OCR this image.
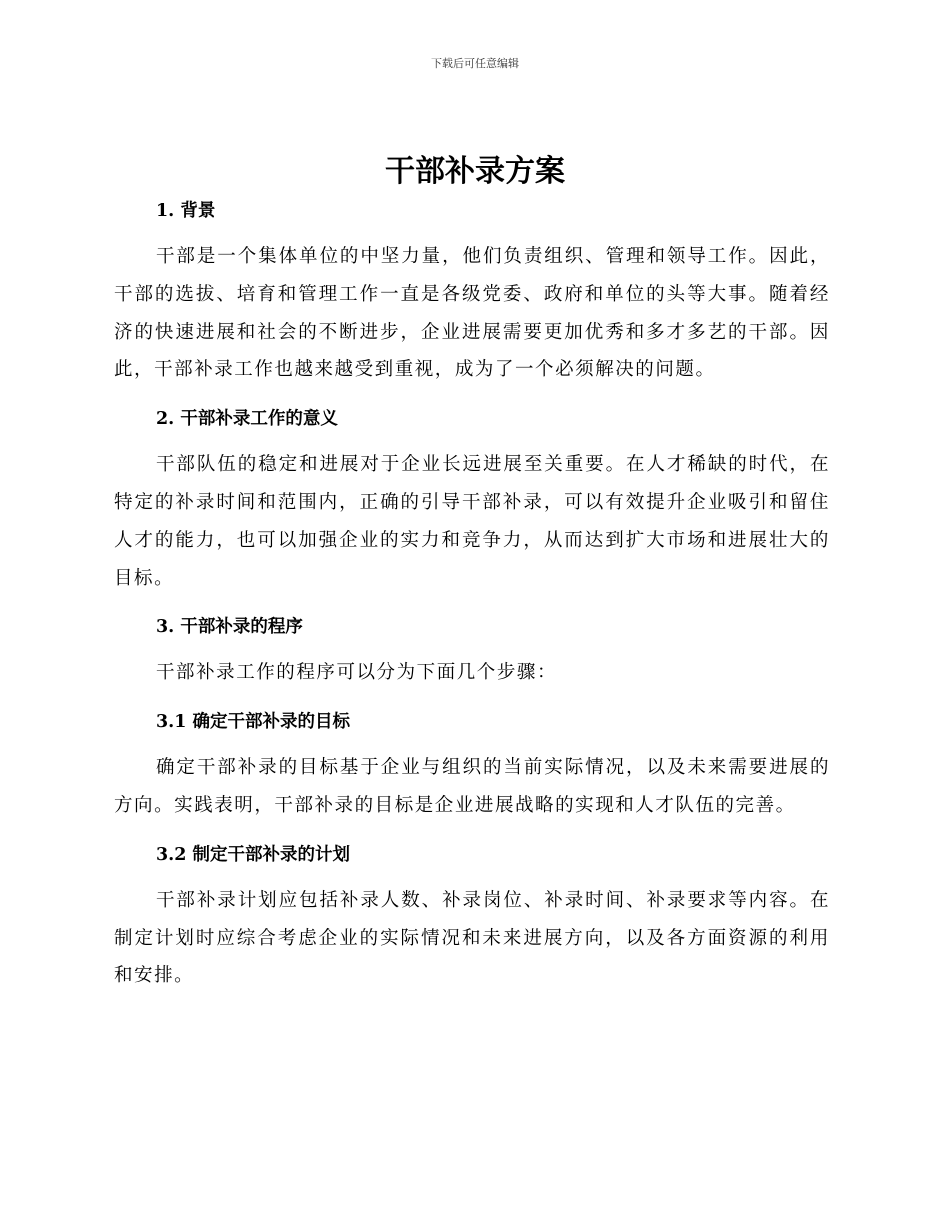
下载后可任意编辑
干部补录方案
1. 背景

干部是一个集体单位的中坚力量，他们负责组织、管理和领导工作。因此，干部的选拔、培育和管理工作一直是各级党委、政府和单位的头等大事。随着经济的快速进展和社会的不断进步，企业进展需要更加优秀和多才多艺的干部。因此，干部补录工作也越来越受到重视，成为了一个必须解决的问题。

2. 干部补录工作的意义

干部队伍的稳定和进展对于企业长远进展至关重要。在人才稀缺的时代，在特定的补录时间和范围内，正确的引导干部补录，可以有效提升企业吸引和留住人才的能力，也可以加强企业的实力和竞争力，从而达到扩大市场和进展壮大的目标。

3. 干部补录的程序

干部补录工作的程序可以分为下面几个步骤：

3.1 确定干部补录的目标

确定干部补录的目标基于企业与组织的当前实际情况，以及未来需要进展的方向。实践表明，干部补录的目标是企业进展战略的实现和人才队伍的完善。

3.2 制定干部补录的计划

干部补录计划应包括补录人数、补录岗位、补录时间、补录要求等内容。在制定计划时应综合考虑企业的实际情况和未来进展方向，以及各方面资源的利用和安排。
